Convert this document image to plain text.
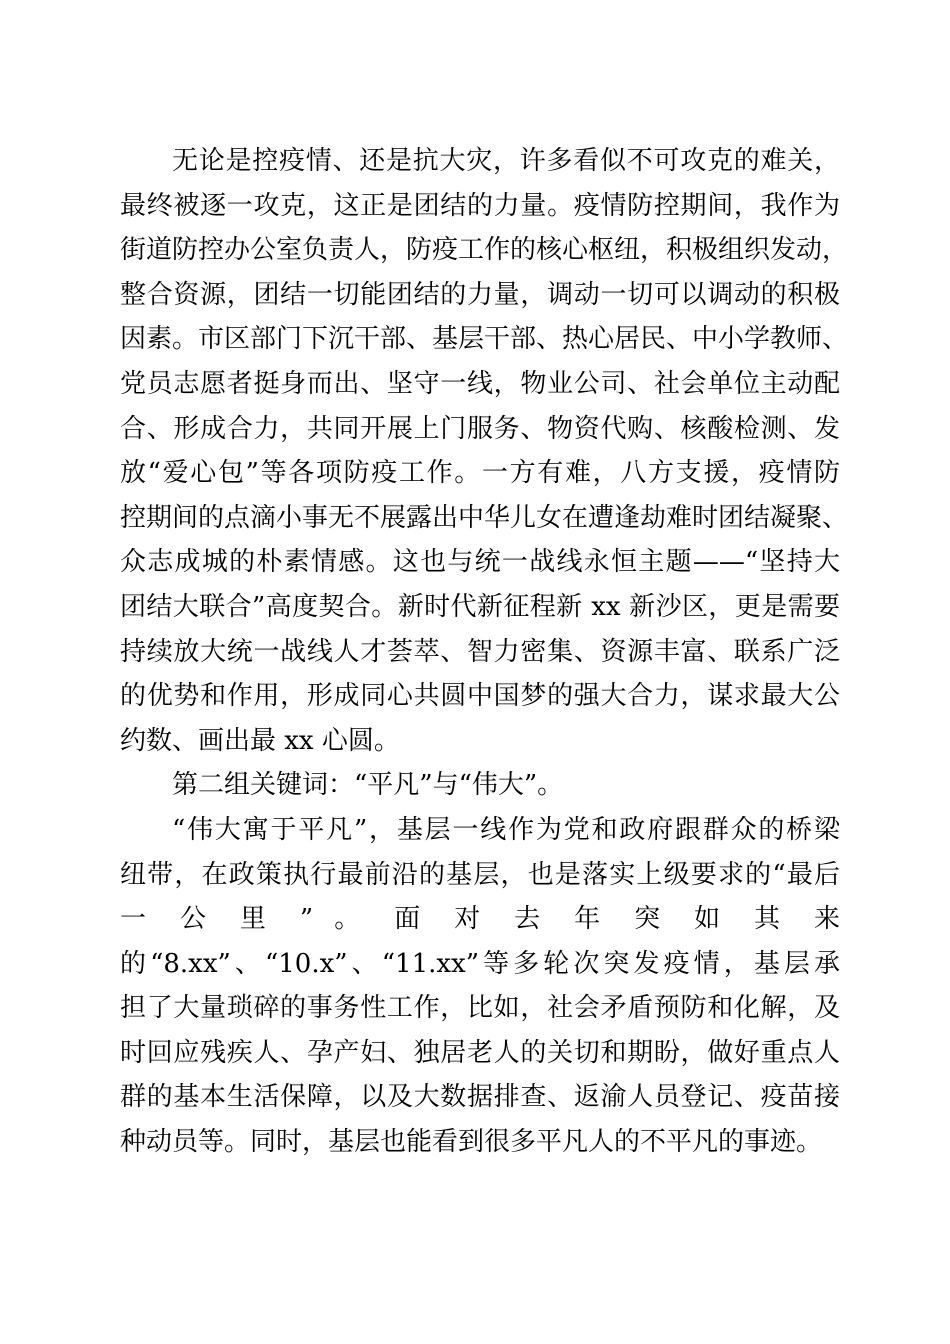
无论是控疫情、还是抗大灾，许多看似不可攻克的难关，
最终被逐一攻克，这正是团结的力量。疫情防控期间，我作为
街道防控办公室负责人，防疫工作的核心枢纽，积极组织发动，
整合资源，团结一切能团结的力量，调动一切可以调动的积极
因素。市区部门下沉干部、基层干部、热心居民、中小学教师、
党员志愿者挺身而出、坚守一线，物业公司、社会单位主动配
合、形成合力，共同开展上门服务、物资代购、核酸检测、发
放“爱心包”等各项防疫工作。一方有难，八方支援，疫情防
控期间的点滴小事无不展露出中华儿女在遭逢劫难时团结凝聚、
众志成城的朴素情感。这也与统一战线永恒主题——“坚持大
团结大联合”高度契合。新时代新征程新 xx 新沙区，更是需要
持续放大统一战线人才荟萃、智力密集、资源丰富、联系广泛
的优势和作用，形成同心共圆中国梦的强大合力，谋求最大公
约数、画出最 xx 心圆。
第二组关键词：“平凡”与“伟大”。
“伟大寓于平凡”，基层一线作为党和政府跟群众的桥梁
纽带，在政策执行最前沿的基层，也是落实上级要求的“最后
一 公 里 ” 。 面 对 去 年 突 如 其 来
的“8.xx”、“10.x”、“11.xx”等多轮次突发疫情，基层承
担了大量琐碎的事务性工作，比如，社会矛盾预防和化解，及
时回应残疾人、孕产妇、独居老人的关切和期盼，做好重点人
群的基本生活保障，以及大数据排查、返渝人员登记、疫苗接
种动员等。同时，基层也能看到很多平凡人的不平凡的事迹。
